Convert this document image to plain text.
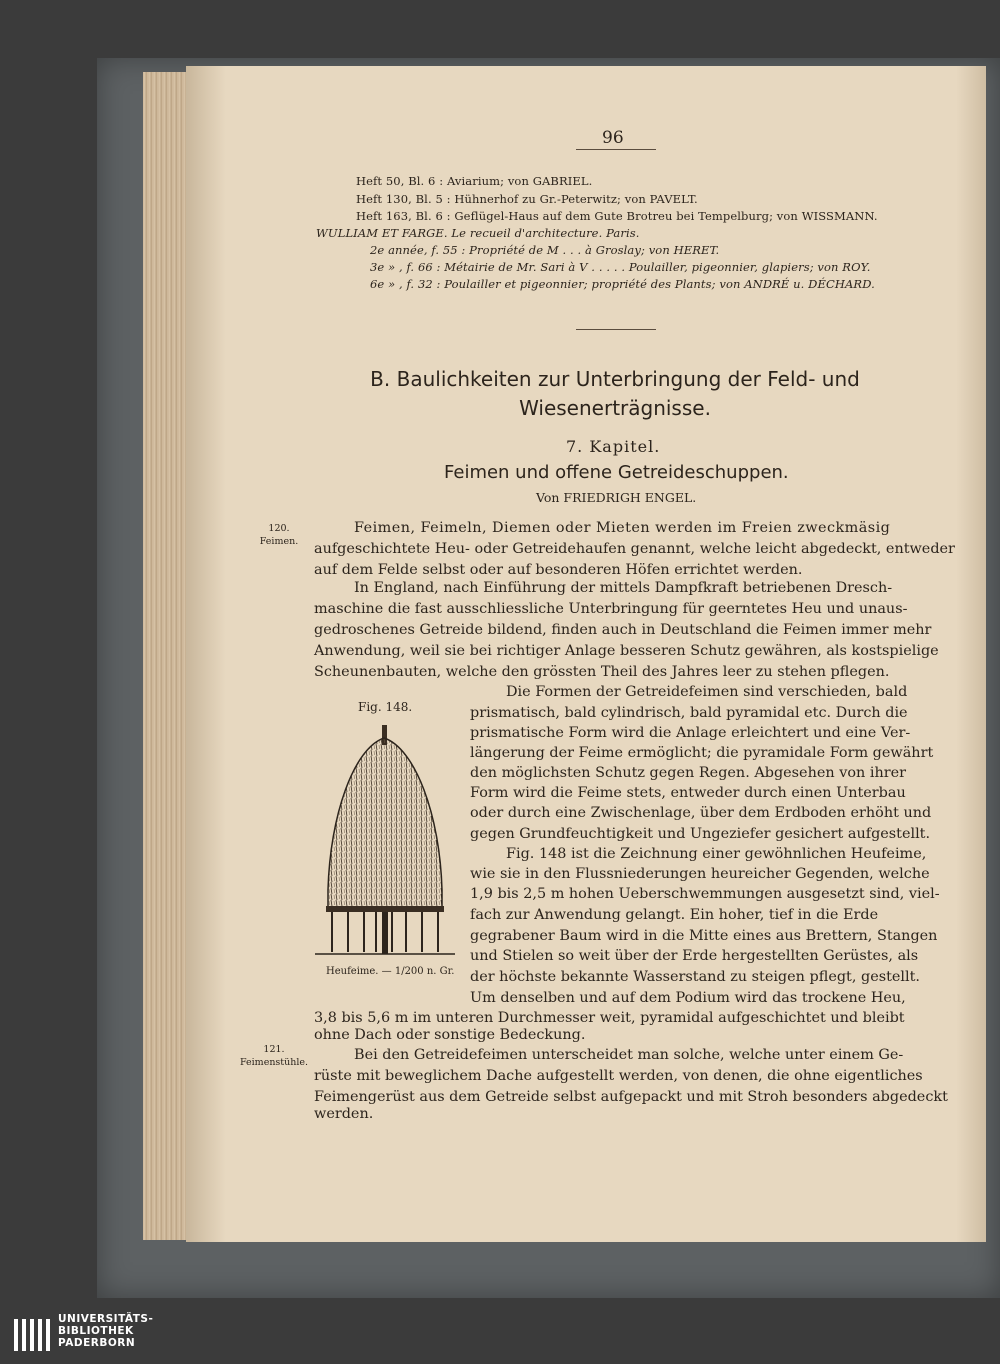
96
Heft 50, Bl. 6 : Aviarium; von GABRIEL.
Heft 130, Bl. 5 : Hühnerhof zu Gr.-Peterwitz; von PAVELT.
Heft 163, Bl. 6 : Geflügel-Haus auf dem Gute Brotreu bei Tempelburg; von WISSMANN.
WULLIAM ET FARGE. Le recueil d'architecture. Paris.
2e année, f. 55 : Propriété de M . . . à Groslay; von HERET.
3e » , f. 66 : Métairie de Mr. Sari à V . . . . . Poulailler, pigeonnier, glapiers; von ROY.
6e » , f. 32 : Poulailler et pigeonnier; propriété des Plants; von ANDRÉ u. DÉCHARD.
B. Baulichkeiten zur Unterbringung der Feld- und
Wiesenerträgnisse.
7. Kapitel.
Feimen und offene Getreideschuppen.
Von FRIEDRIGH ENGEL.
120.
Feimen.
121.
Feimenstühle.
Feimen, Feimeln, Diemen oder Mieten werden im Freien zweckmäsig
aufgeschichtete Heu- oder Getreidehaufen genannt, welche leicht abgedeckt, entweder
auf dem Felde selbst oder auf besonderen Höfen errichtet werden.
In England, nach Einführung der mittels Dampfkraft betriebenen Dresch-
maschine die fast ausschliessliche Unterbringung für geerntetes Heu und unaus-
gedroschenes Getreide bildend, finden auch in Deutschland die Feimen immer mehr
Anwendung, weil sie bei richtiger Anlage besseren Schutz gewähren, als kostspielige
Scheunenbauten, welche den grössten Theil des Jahres leer zu stehen pflegen.
Die Formen der Getreidefeimen sind verschieden, bald
prismatisch, bald cylindrisch, bald pyramidal etc. Durch die
prismatische Form wird die Anlage erleichtert und eine Ver-
längerung der Feime ermöglicht; die pyramidale Form gewährt
den möglichsten Schutz gegen Regen. Abgesehen von ihrer
Form wird die Feime stets, entweder durch einen Unterbau
oder durch eine Zwischenlage, über dem Erdboden erhöht und
gegen Grundfeuchtigkeit und Ungeziefer gesichert aufgestellt.
Fig. 148 ist die Zeichnung einer gewöhnlichen Heufeime,
wie sie in den Flussniederungen heureicher Gegenden, welche
1,9 bis 2,5 m hohen Ueberschwemmungen ausgesetzt sind, viel-
fach zur Anwendung gelangt. Ein hoher, tief in die Erde
gegrabener Baum wird in die Mitte eines aus Brettern, Stangen
und Stielen so weit über der Erde hergestellten Gerüstes, als
der höchste bekannte Wasserstand zu steigen pflegt, gestellt.
Um denselben und auf dem Podium wird das trockene Heu,
3,8 bis 5,6 m im unteren Durchmesser weit, pyramidal aufgeschichtet und bleibt
ohne Dach oder sonstige Bedeckung.
Bei den Getreidefeimen unterscheidet man solche, welche unter einem Ge-
rüste mit beweglichem Dache aufgestellt werden, von denen, die ohne eigentliches
Feimengerüst aus dem Getreide selbst aufgepackt und mit Stroh besonders abgedeckt
werden.
Fig. 148.
Heufeime. — 1/200 n. Gr.
UNIVERSITÄTS-
BIBLIOTHEK
PADERBORN
